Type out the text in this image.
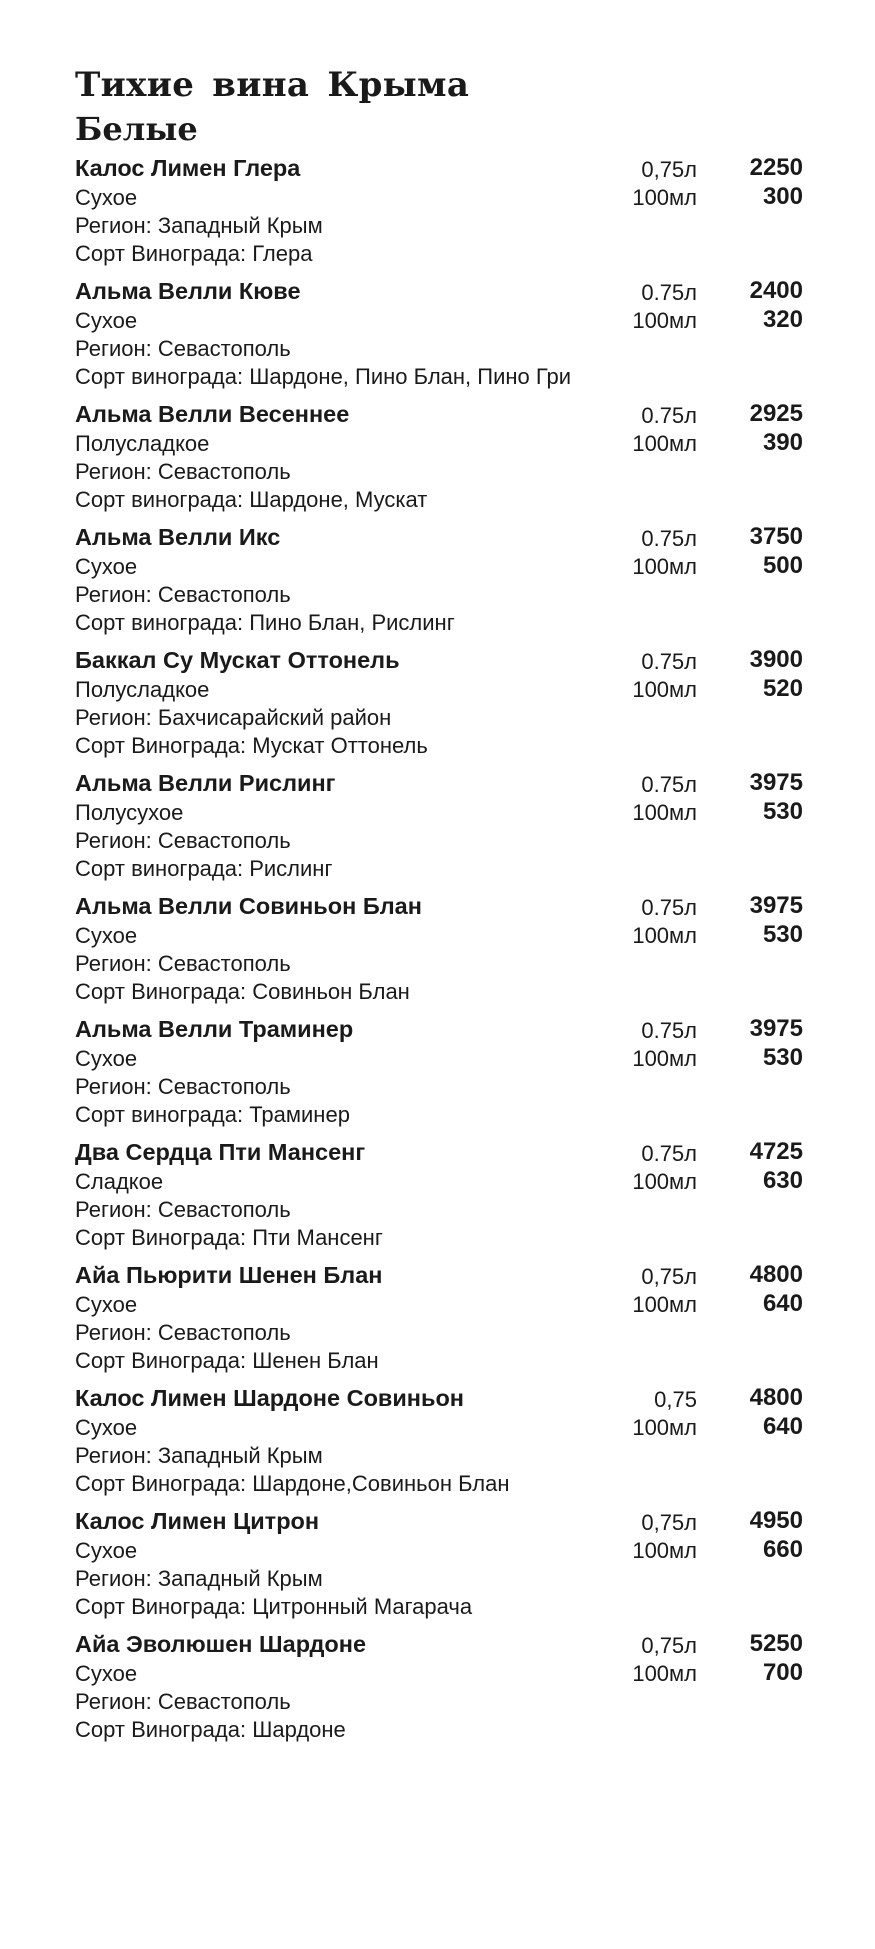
Тихие вина Крыма
Белые
Калос Лимен Глера
Сухое
Регион: Западный Крым
Сорт Винограда: Глера
0,75л
100мл
2250
300
Альма Велли Кюве
Сухое
Регион: Севастополь
Сорт винограда: Шардоне, Пино Блан, Пино Гри
0.75л
100мл
2400
320
Альма Велли Весеннее
Полусладкое
Регион: Севастополь
Сорт винограда: Шардоне, Мускат
0.75л
100мл
2925
390
Альма Велли Икс
Сухое
Регион: Севастополь
Сорт винограда: Пино Блан, Рислинг
0.75л
100мл
3750
500
Баккал Су Мускат Оттонель
Полусладкое
Регион: Бахчисарайский район
Сорт Винограда: Мускат Оттонель
0.75л
100мл
3900
520
Альма Велли Рислинг
Полусухое
Регион: Севастополь
Сорт винограда: Рислинг
0.75л
100мл
3975
530
Альма Велли Совиньон Блан
Сухое
Регион: Севастополь
Сорт Винограда: Совиньон Блан
0.75л
100мл
3975
530
Альма Велли Траминер
Сухое
Регион: Севастополь
Сорт винограда: Траминер
0.75л
100мл
3975
530
Два Сердца Пти Мансенг
Сладкое
Регион: Севастополь
Сорт Винограда: Пти Мансенг
0.75л
100мл
4725
630
Айа Пьюрити Шенен Блан
Сухое
Регион: Севастополь
Сорт Винограда: Шенен Блан
0,75л
100мл
4800
640
Калос Лимен Шардоне Совиньон
Сухое
Регион: Западный Крым
Сорт Винограда: Шардоне,Совиньон Блан
0,75
100мл
4800
640
Калос Лимен Цитрон
Сухое
Регион: Западный Крым
Сорт Винограда: Цитронный Магарача
0,75л
100мл
4950
660
Айа Эволюшен Шардоне
Сухое
Регион: Севастополь
Сорт Винограда: Шардоне
0,75л
100мл
5250
700
